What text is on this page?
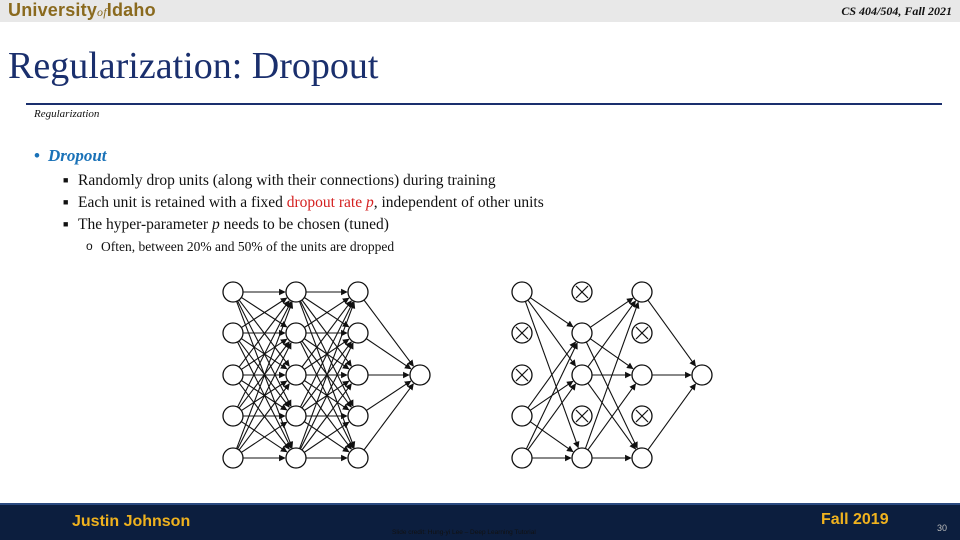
UniversityofIdaho	CS 404/504, Fall 2021
Regularization: Dropout
Regularization
• Dropout
■ Randomly drop units (along with their connections) during training
■ Each unit is retained with a fixed dropout rate p, independent of other units
■ The hyper-parameter p needs to be chosen (tuned)
o Often, between 20% and 50% of the units are dropped
Justin Johnson
Slide credit: Hung-yi Lee – Deep Learning Tutorial
Fall 2019	30
